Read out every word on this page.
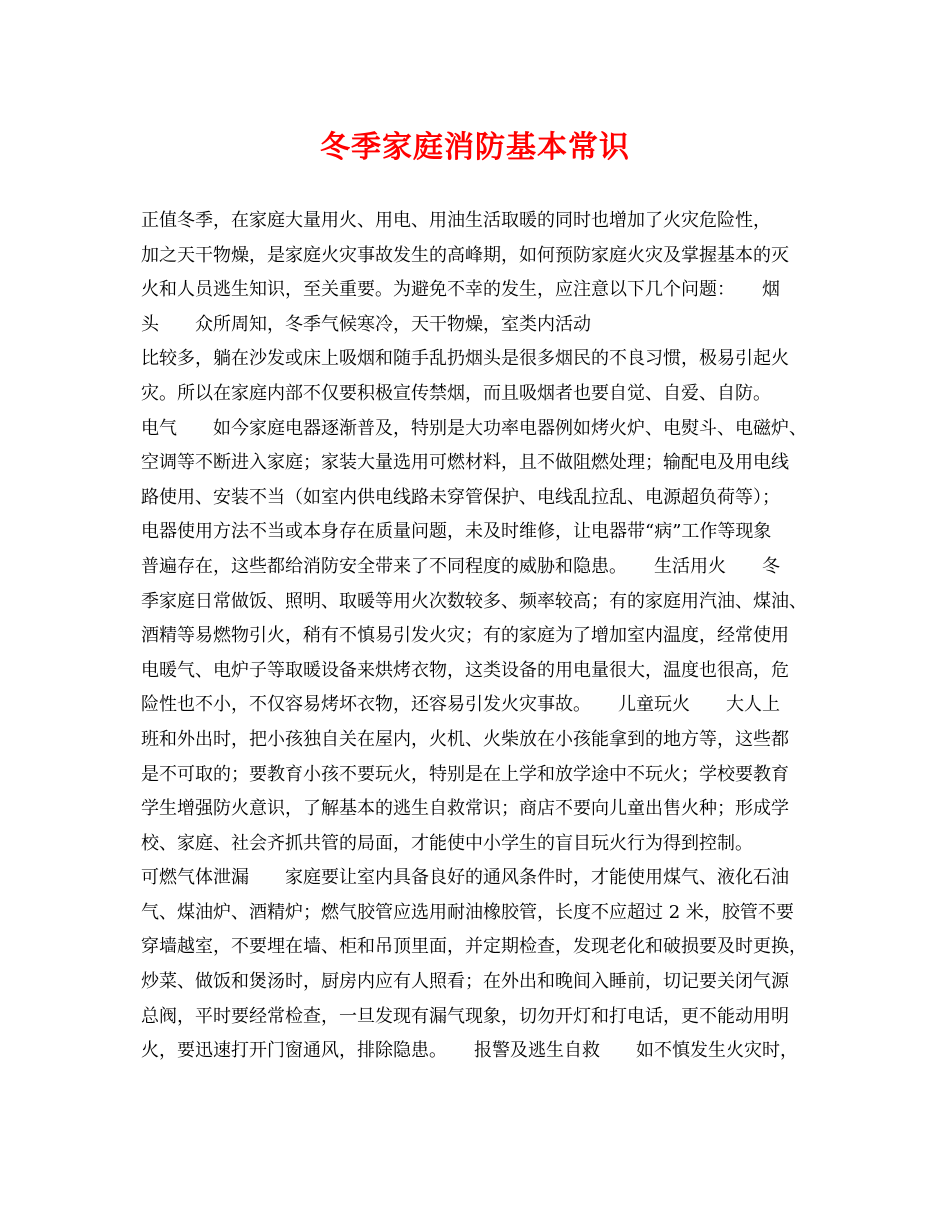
冬季家庭消防基本常识
正值冬季，在家庭大量用火、用电、用油生活取暖的同时也增加了火灾危险性，
加之天干物燥，是家庭火灾事故发生的高峰期，如何预防家庭火灾及掌握基本的灭
火和人员逃生知识，至关重要。为避免不幸的发生，应注意以下几个问题：　　烟
头　　众所周知，冬季气候寒冷，天干物燥，室类内活动
比较多，躺在沙发或床上吸烟和随手乱扔烟头是很多烟民的不良习惯，极易引起火
灾。所以在家庭内部不仅要积极宣传禁烟，而且吸烟者也要自觉、自爱、自防。
电气　　如今家庭电器逐渐普及，特别是大功率电器例如烤火炉、电熨斗、电磁炉、
空调等不断进入家庭；家装大量选用可燃材料，且不做阻燃处理；输配电及用电线
路使用、安装不当（如室内供电线路未穿管保护、电线乱拉乱、电源超负荷等）；
电器使用方法不当或本身存在质量问题，未及时维修，让电器带“病”工作等现象
普遍存在，这些都给消防安全带来了不同程度的威胁和隐患。　　生活用火　　冬
季家庭日常做饭、照明、取暖等用火次数较多、频率较高；有的家庭用汽油、煤油、
酒精等易燃物引火，稍有不慎易引发火灾；有的家庭为了增加室内温度，经常使用
电暖气、电炉子等取暖设备来烘烤衣物，这类设备的用电量很大，温度也很高，危
险性也不小，不仅容易烤坏衣物，还容易引发火灾事故。　　儿童玩火　　大人上
班和外出时，把小孩独自关在屋内，火机、火柴放在小孩能拿到的地方等，这些都
是不可取的；要教育小孩不要玩火，特别是在上学和放学途中不玩火；学校要教育
学生增强防火意识，了解基本的逃生自救常识；商店不要向儿童出售火种；形成学
校、家庭、社会齐抓共管的局面，才能使中小学生的盲目玩火行为得到控制。
可燃气体泄漏　　家庭要让室内具备良好的通风条件时，才能使用煤气、液化石油
气、煤油炉、酒精炉；燃气胶管应选用耐油橡胶管，长度不应超过 2 米，胶管不要
穿墙越室，不要埋在墙、柜和吊顶里面，并定期检查，发现老化和破损要及时更换，
炒菜、做饭和煲汤时，厨房内应有人照看；在外出和晚间入睡前，切记要关闭气源
总阀，平时要经常检查，一旦发现有漏气现象，切勿开灯和打电话，更不能动用明
火，要迅速打开门窗通风，排除隐患。　　报警及逃生自救　　如不慎发生火灾时，
